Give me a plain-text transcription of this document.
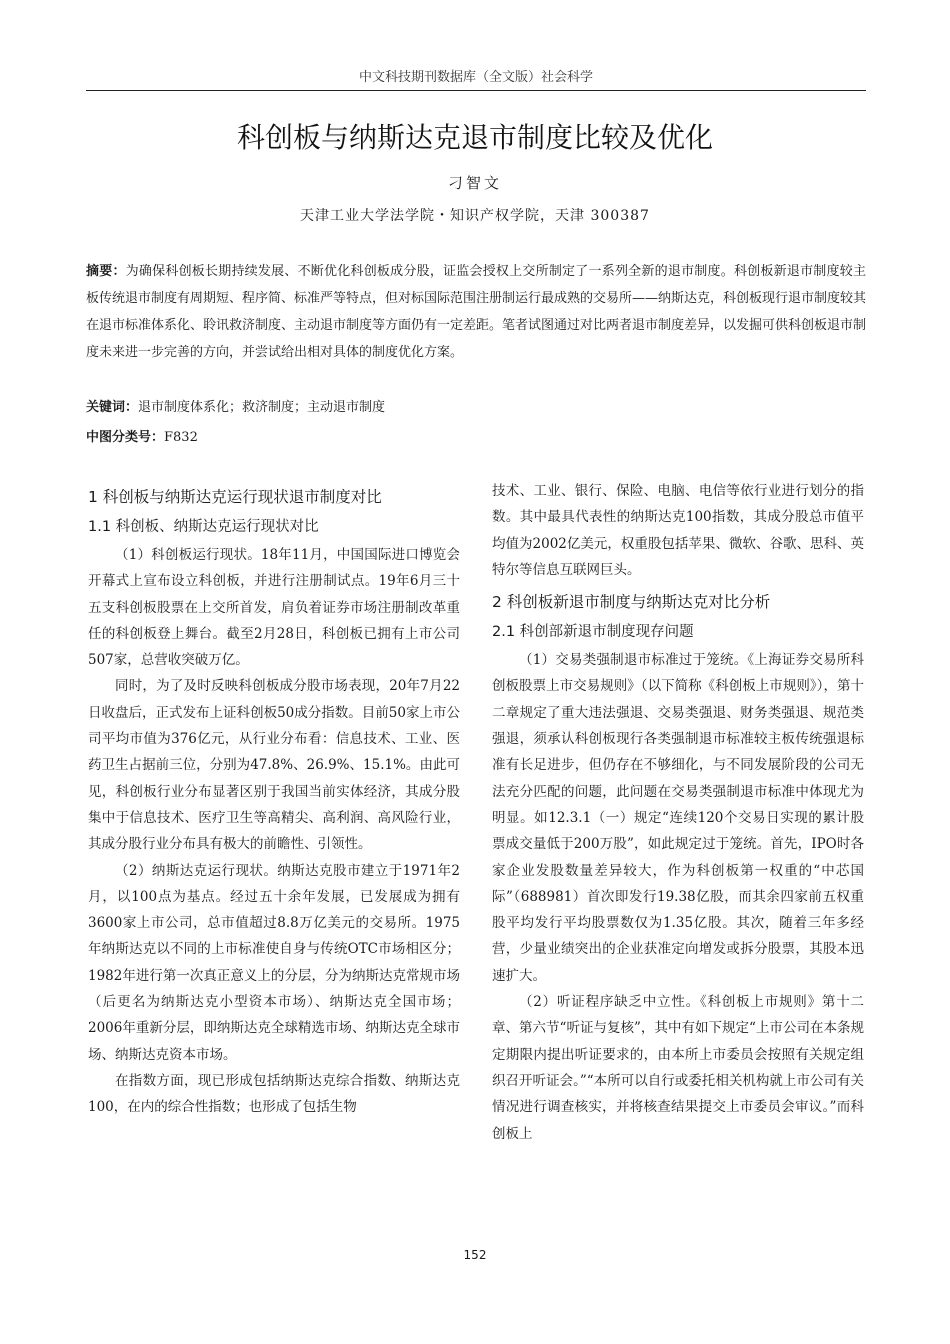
中文科技期刊数据库（全文版）社会科学
科创板与纳斯达克退市制度比较及优化
刁智文
天津工业大学法学院・知识产权学院，天津 300387
摘要：为确保科创板长期持续发展、不断优化科创板成分股，证监会授权上交所制定了一系列全新的退市制度。科创板新退市制度较主板传统退市制度有周期短、程序简、标准严等特点，但对标国际范围注册制运行最成熟的交易所——纳斯达克，科创板现行退市制度较其在退市标准体系化、聆讯救济制度、主动退市制度等方面仍有一定差距。笔者试图通过对比两者退市制度差异，以发掘可供科创板退市制度未来进一步完善的方向，并尝试给出相对具体的制度优化方案。
关键词：退市制度体系化；救济制度；主动退市制度
中图分类号：F832
1 科创板与纳斯达克运行现状退市制度对比
1.1 科创板、纳斯达克运行现状对比

（1）科创板运行现状。18年11月，中国国际进口博览会开幕式上宣布设立科创板，并进行注册制试点。19年6月三十五支科创板股票在上交所首发，肩负着证券市场注册制改革重任的科创板登上舞台。截至2月28日，科创板已拥有上市公司507家，总营收突破万亿。

同时，为了及时反映科创板成分股市场表现，20年7月22日收盘后，正式发布上证科创板50成分指数。目前50家上市公司平均市值为376亿元，从行业分布看：信息技术、工业、医药卫生占据前三位，分别为47.8%、26.9%、15.1%。由此可见，科创板行业分布显著区别于我国当前实体经济，其成分股集中于信息技术、医疗卫生等高精尖、高利润、高风险行业，其成分股行业分布具有极大的前瞻性、引领性。

（2）纳斯达克运行现状。纳斯达克股市建立于1971年2月，以100点为基点。经过五十余年发展，已发展成为拥有3600家上市公司，总市值超过8.8万亿美元的交易所。1975年纳斯达克以不同的上市标准使自身与传统OTC市场相区分；1982年进行第一次真正意义上的分层，分为纳斯达克常规市场（后更名为纳斯达克小型资本市场）、纳斯达克全国市场；2006年重新分层，即纳斯达克全球精选市场、纳斯达克全球市场、纳斯达克资本市场。

在指数方面，现已形成包括纳斯达克综合指数、纳斯达克100，在内的综合性指数；也形成了包括生物

技术、工业、银行、保险、电脑、电信等依行业进行划分的指数。其中最具代表性的纳斯达克100指数，其成分股总市值平均值为2002亿美元，权重股包括苹果、微软、谷歌、思科、英特尔等信息互联网巨头。

2 科创板新退市制度与纳斯达克对比分析
2.1 科创部新退市制度现存问题

（1）交易类强制退市标准过于笼统。《上海证券交易所科创板股票上市交易规则》（以下简称《科创板上市规则》），第十二章规定了重大违法强退、交易类强退、财务类强退、规范类强退，须承认科创板现行各类强制退市标准较主板传统强退标准有长足进步，但仍存在不够细化，与不同发展阶段的公司无法充分匹配的问题，此问题在交易类强制退市标准中体现尤为明显。如12.3.1（一）规定“连续120个交易日实现的累计股票成交量低于200万股”，如此规定过于笼统。首先，IPO时各家企业发股数量差异较大，作为科创板第一权重的“中芯国际”（688981）首次即发行19.38亿股，而其余四家前五权重股平均发行平均股票数仅为1.35亿股。其次，随着三年多经营，少量业绩突出的企业获准定向增发或拆分股票，其股本迅速扩大。

（2）听证程序缺乏中立性。《科创板上市规则》第十二章、第六节“听证与复核”，其中有如下规定“上市公司在本条规定期限内提出听证要求的，由本所上市委员会按照有关规定组织召开听证会。”“本所可以自行或委托相关机构就上市公司有关情况进行调查核实，并将核查结果提交上市委员会审议。”而科创板上

152
